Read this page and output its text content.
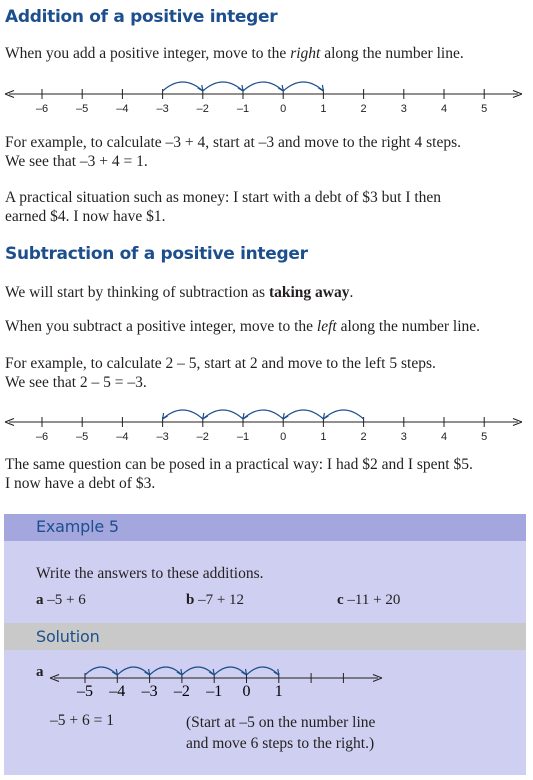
Addition of a positive integer
When you add a positive integer, move to the right along the number line.
–6	–5	–4	–3	–2	–1	0	1	2	3	4	5
For example, to calculate –3 + 4, start at –3 and move to the right 4 steps.
We see that –3 + 4 = 1.
A practical situation such as money: I start with a debt of $3 but I then
earned $4. I now have $1.
Subtraction of a positive integer
We will start by thinking of subtraction as taking away.
When you subtract a positive integer, move to the left along the number line.
For example, to calculate 2 – 5, start at 2 and move to the left 5 steps.
We see that 2 – 5 = –3.
–6	–5	–4	–3	–2	–1	0	1	2	3	4	5
The same question can be posed in a practical way: I had $2 and I spent $5.
I now have a debt of $3.
Example 5
Write the answers to these additions.
a –5 + 6	b –7 + 12	c –11 + 20
Solution
a
–5 –4 –3 –2 –1 0 1
–5 + 6 = 1	(Start at –5 on the number line
and move 6 steps to the right.)
